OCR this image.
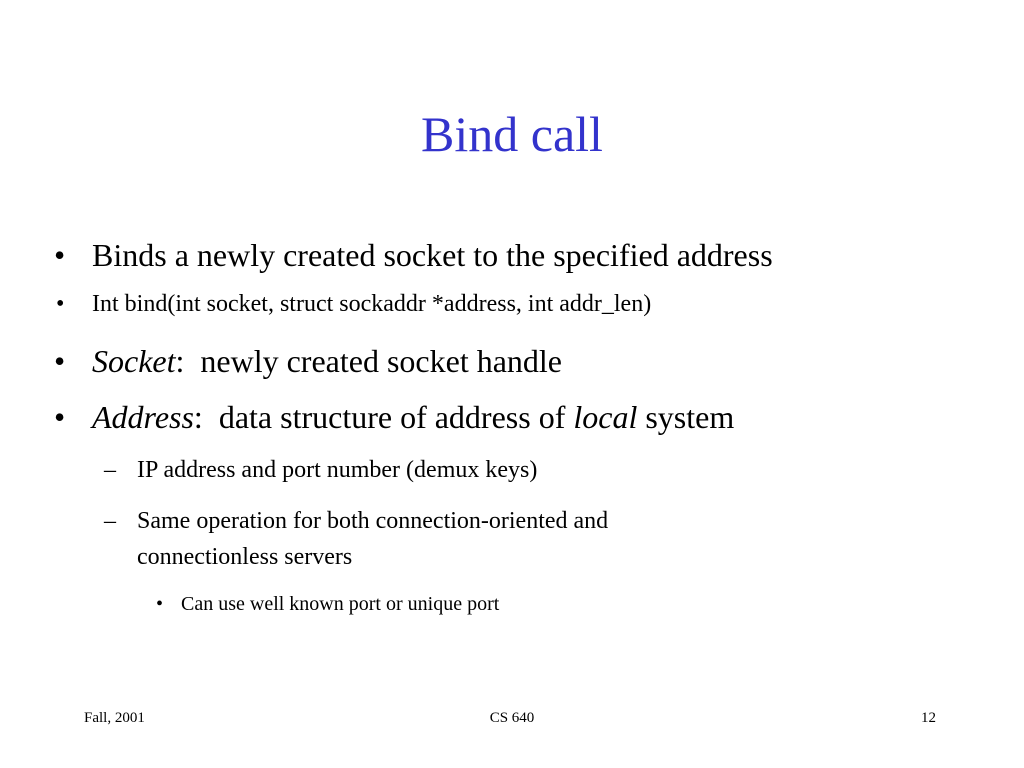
Bind call
• Binds a newly created socket to the specified address
• Int bind(int socket, struct sockaddr *address, int addr_len)
• Socket:  newly created socket handle
• Address:  data structure of address of local system
– IP address and port number (demux keys)
– Same operation for both connection-oriented and
connectionless servers
• Can use well known port or unique port
Fall, 2001	CS 640	12
